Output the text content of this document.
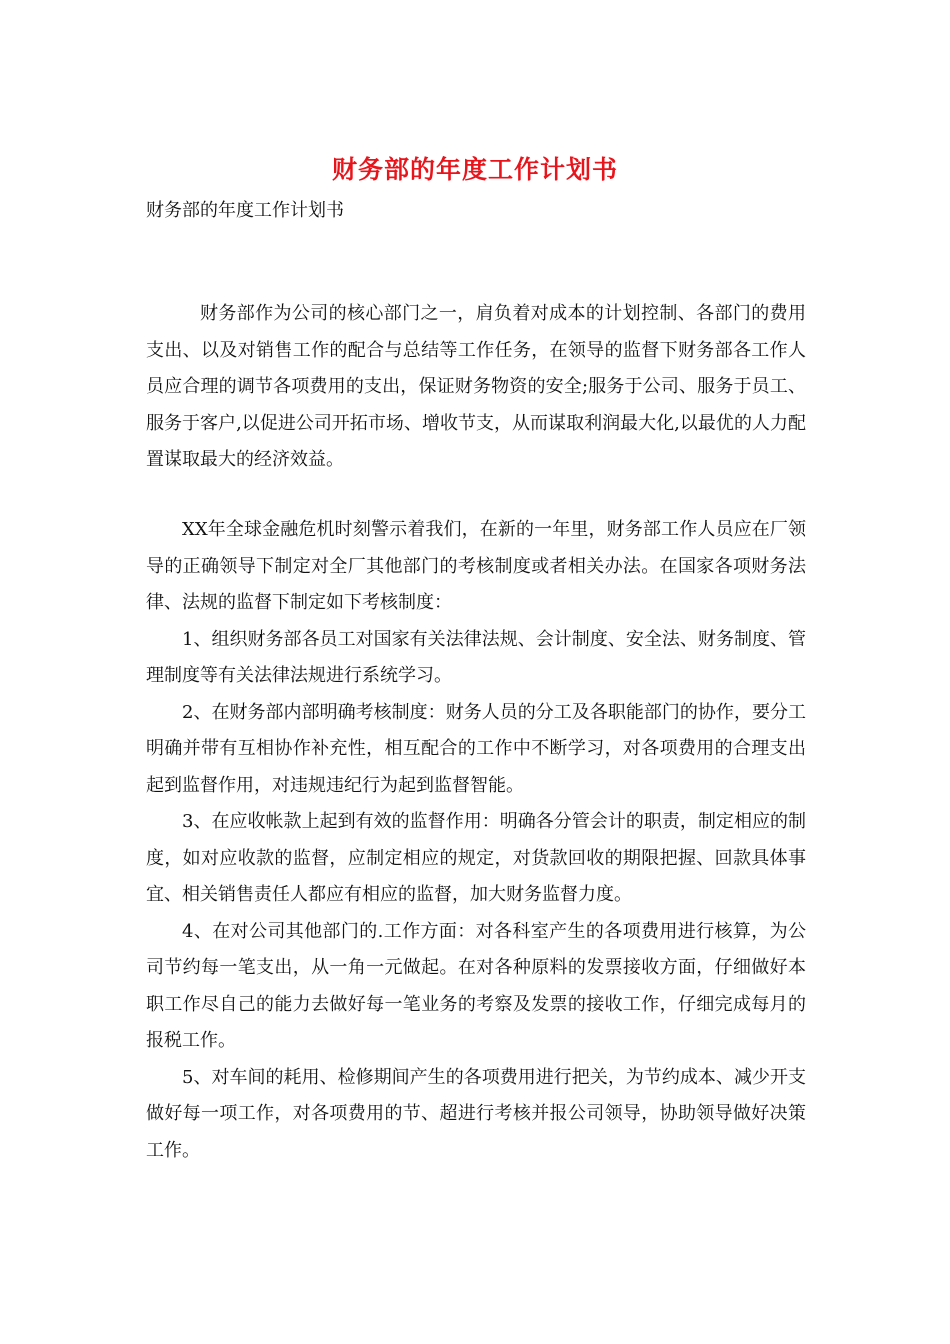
财务部的年度工作计划书
财务部的年度工作计划书

财务部作为公司的核心部门之一，肩负着对成本的计划控制、各部门的费用支出、以及对销售工作的配合与总结等工作任务，在领导的监督下财务部各工作人员应合理的调节各项费用的支出，保证财务物资的安全;服务于公司、服务于员工、服务于客户,以促进公司开拓市场、增收节支，从而谋取利润最大化,以最优的人力配置谋取最大的经济效益。

XX年全球金融危机时刻警示着我们，在新的一年里，财务部工作人员应在厂领导的正确领导下制定对全厂其他部门的考核制度或者相关办法。在国家各项财务法律、法规的监督下制定如下考核制度：

1、组织财务部各员工对国家有关法律法规、会计制度、安全法、财务制度、管理制度等有关法律法规进行系统学习。

2、在财务部内部明确考核制度：财务人员的分工及各职能部门的协作，要分工明确并带有互相协作补充性，相互配合的工作中不断学习，对各项费用的合理支出起到监督作用，对违规违纪行为起到监督智能。

3、在应收帐款上起到有效的监督作用：明确各分管会计的职责，制定相应的制度，如对应收款的监督，应制定相应的规定，对货款回收的期限把握、回款具体事宜、相关销售责任人都应有相应的监督，加大财务监督力度。

4、在对公司其他部门的.工作方面：对各科室产生的各项费用进行核算，为公司节约每一笔支出，从一角一元做起。在对各种原料的发票接收方面，仔细做好本职工作尽自己的能力去做好每一笔业务的考察及发票的接收工作，仔细完成每月的报税工作。

5、对车间的耗用、检修期间产生的各项费用进行把关，为节约成本、减少开支做好每一项工作，对各项费用的节、超进行考核并报公司领导，协助领导做好决策工作。
